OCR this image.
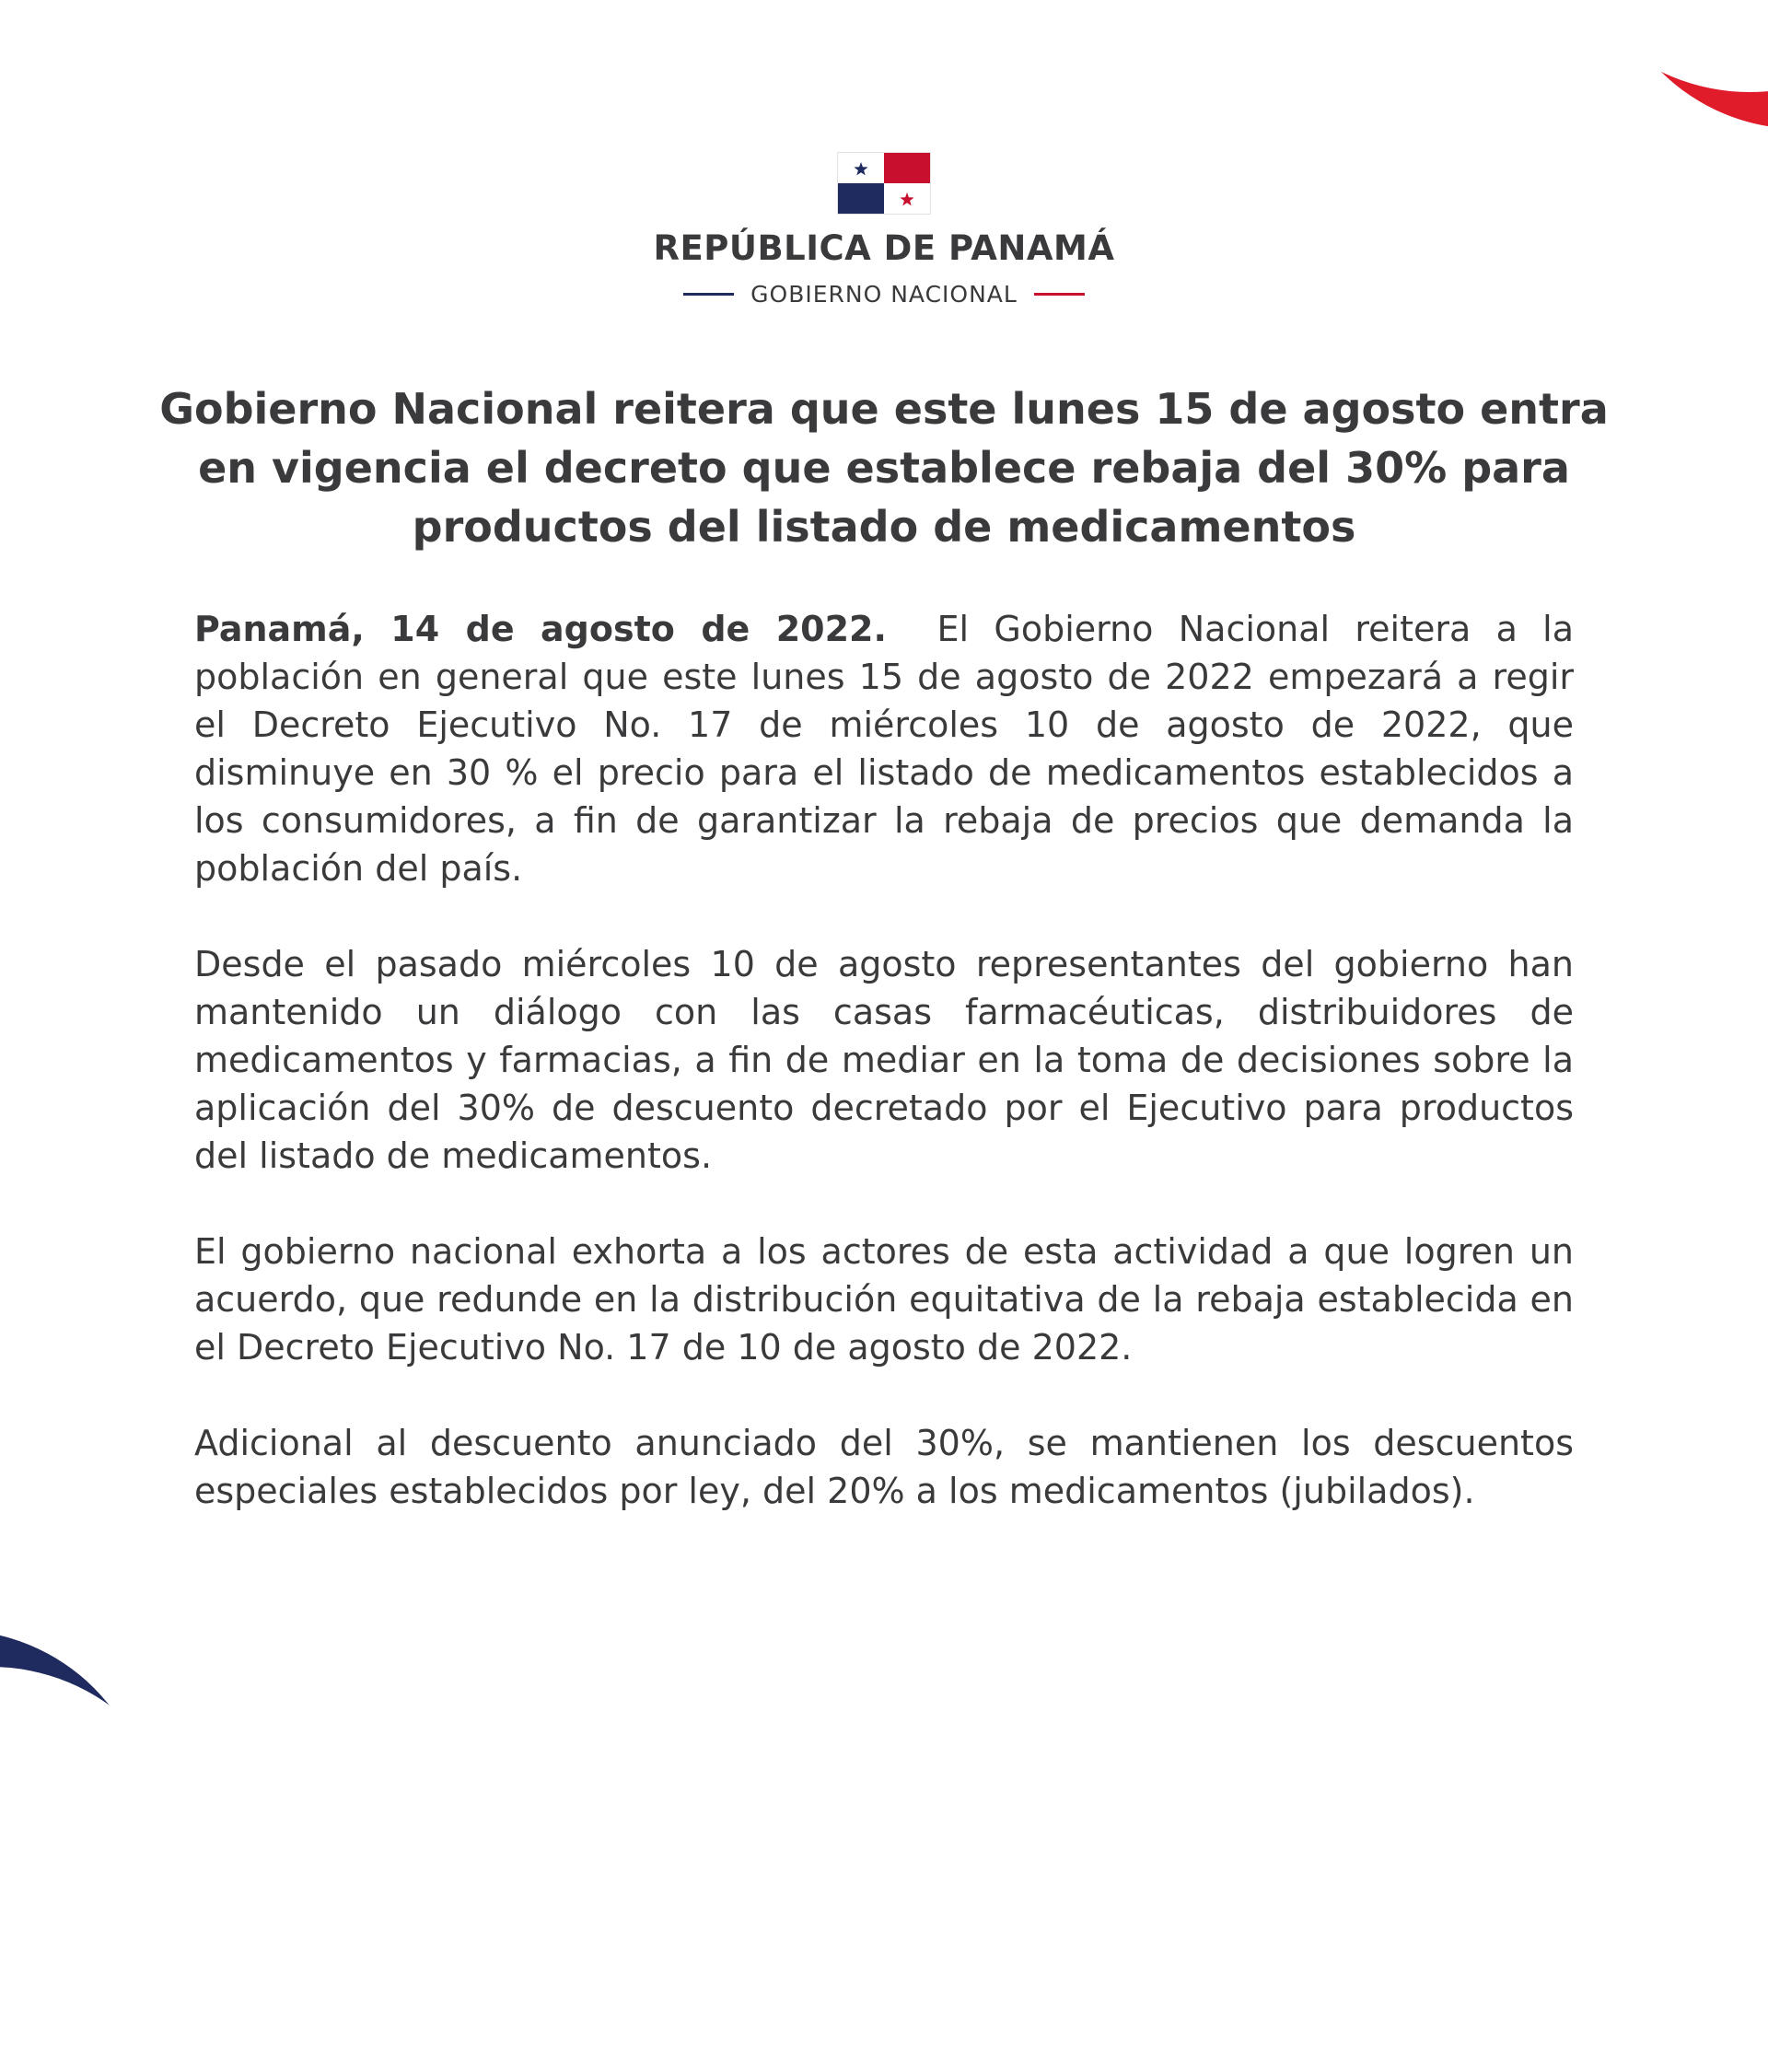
REPÚBLICA DE PANAMÁ
GOBIERNO NACIONAL
Gobierno Nacional reitera que este lunes 15 de agosto entra en vigencia el decreto que establece rebaja del 30% para productos del listado de medicamentos

Panamá, 14 de agosto de 2022. El Gobierno Nacional reitera a la población en general que este lunes 15 de agosto de 2022 empezará a regir el Decreto Ejecutivo No. 17 de miércoles 10 de agosto de 2022, que disminuye en 30 % el precio para el listado de medicamentos establecidos a los consumidores, a fin de garantizar la rebaja de precios que demanda la población del país.

Desde el pasado miércoles 10 de agosto representantes del gobierno han mantenido un diálogo con las casas farmacéuticas, distribuidores de medicamentos y farmacias, a fin de mediar en la toma de decisiones sobre la aplicación del 30% de descuento decretado por el Ejecutivo para productos del listado de medicamentos.

El gobierno nacional exhorta a los actores de esta actividad a que logren un acuerdo, que redunde en la distribución equitativa de la rebaja establecida en el Decreto Ejecutivo No. 17 de 10 de agosto de 2022.

Adicional al descuento anunciado del 30%, se mantienen los descuentos especiales establecidos por ley, del 20% a los medicamentos (jubilados).
